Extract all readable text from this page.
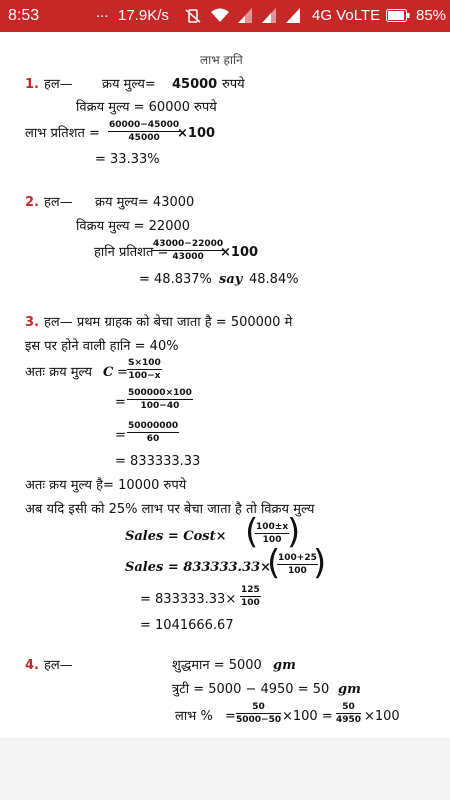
8:53	... 17.9K/s	4G VoLTE 85%
लाभ हानि
1. हल— क्रय मुल्य= 45000 रुपये
विक्रय मुल्य = 60000 रुपये
लाभ प्रतिशत = $\frac{60000-45000}{45000}$
×100
= 33.33%
2. हल— क्रय मुल्य= 43000
विक्रय मुल्य = 22000
हानि प्रतिशत =
$\frac{43000-22000}{43000}$
×100
= 48.837% say 48.84%
3. हल— प्रथम ग्राहक को बेचा जाता है = 500000 मे
इस पर होने वाली हानि = 40%
अतः क्रय मुल्य $C = \frac{S\times 100}{100-x}$
= $\frac{500000\times 100}{100-40}$
= $\frac{50000000}{60}$
= 833333.33
अतः क्रय मुल्य है= 10000 रुपये
अब यदि इसी को 25% लाभ पर बेचा जाता है तो विक्रय मुल्य
Sales = Cost× (
$\frac{100\pm x}{100}$
)
Sales = 833333.33×
(
$\frac{100+25}{100}$
)
= $833333.33\times \frac{125}{100}$
= 1041666.67
4. हल—	शुद्धमान = 5000 gm
त्रुटी = 5000 − 4950 = 50 gm
लाभ % = $\frac{50}{5000-50} \times 100 = \frac{50}{4950} \times 100$
